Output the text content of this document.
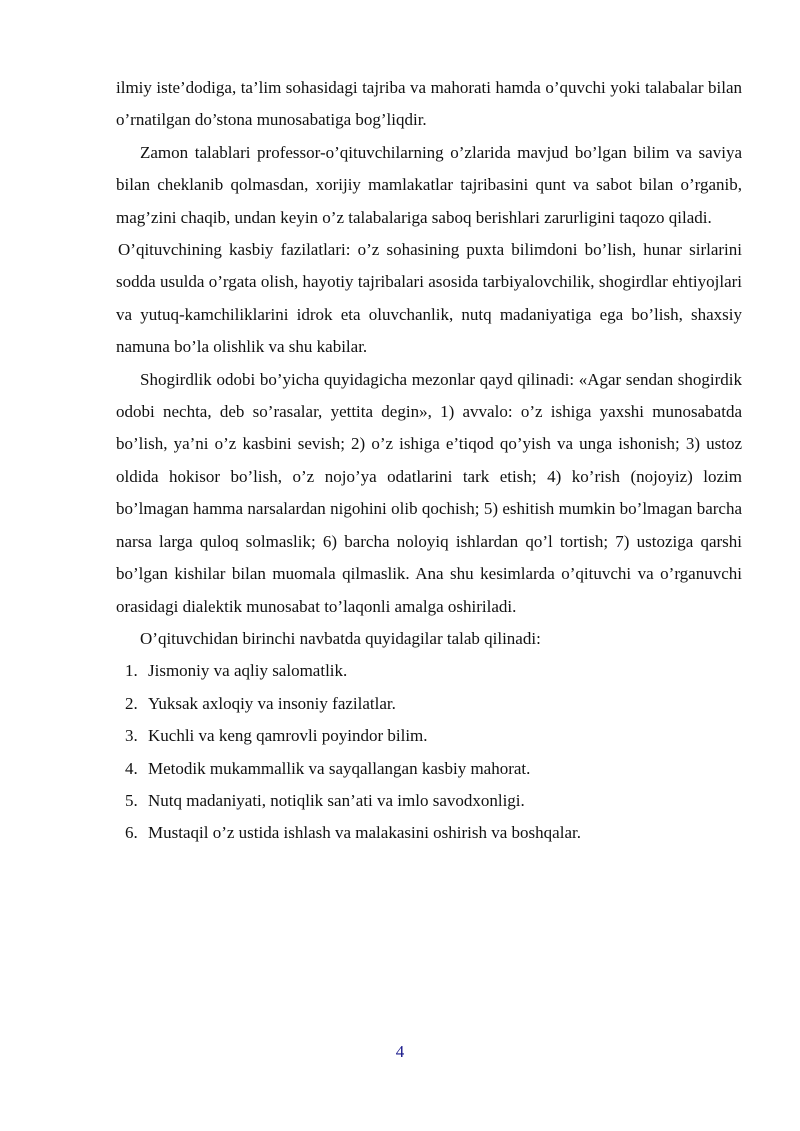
ilmiy iste’dodiga, ta’lim sohasidagi tajriba va mahorati hamda o’quvchi yoki talabalar bilan o’rnatilgan do’stona munosabatiga bog’liqdir.

Zamon talablari professor-o’qituvchilarning o’zlarida mavjud bo’lgan bilim va saviya bilan cheklanib qolmasdan, xorijiy mamlakatlar tajribasini qunt va sabot bilan o’rganib, mag’zini chaqib, undan keyin o’z talabalariga saboq berishlari zarurligini taqozo qiladi.

O’qituvchining kasbiy fazilatlari: o’z sohasining puxta bilimdoni bo’lish, hunar sirlarini sodda usulda o’rgata olish, hayotiy tajribalari asosida tarbiyalovchilik, shogirdlar ehtiyojlari va yutuq-kamchiliklarini idrok eta oluvchanlik, nutq madaniyatiga ega bo’lish, shaxsiy namuna bo’la olishlik va shu kabilar.

Shogirdlik odobi bo’yicha quyidagicha mezonlar qayd qilinadi: «Agar sendan shogirdik odobi nechta, deb so’rasalar, yettita degin», 1) avvalo: o’z ishiga yaxshi munosabatda bo’lish, ya’ni o’z kasbini sevish; 2) o’z ishiga e’tiqod qo’yish va unga ishonish; 3) ustoz oldida hokisor bo’lish, o’z nojo’ya odatlarini tark etish; 4) ko’rish (nojoyiz) lozim bo’lmagan hamma narsalardan nigohini olib qochish; 5) eshitish mumkin bo’lmagan barcha narsa larga quloq solmaslik; 6) barcha noloyiq ishlardan qo’l tortish; 7) ustoziga qarshi bo’lgan kishilar bilan muomala qilmaslik. Ana shu kesimlarda o’qituvchi va o’rganuvchi orasidagi dialektik munosabat to’laqonli amalga oshiriladi.

O’qituvchidan birinchi navbatda quyidagilar talab qilinadi:

1. Jismoniy va aqliy salomatlik.
2. Yuksak axloqiy va insoniy fazilatlar.
3. Kuchli va keng qamrovli poyindor bilim.
4. Metodik mukammallik va sayqallangan kasbiy mahorat.
5. Nutq madaniyati, notiqlik san’ati va imlo savodxonligi.
6. Mustaqil o’z ustida ishlash va malakasini oshirish va boshqalar.
4
